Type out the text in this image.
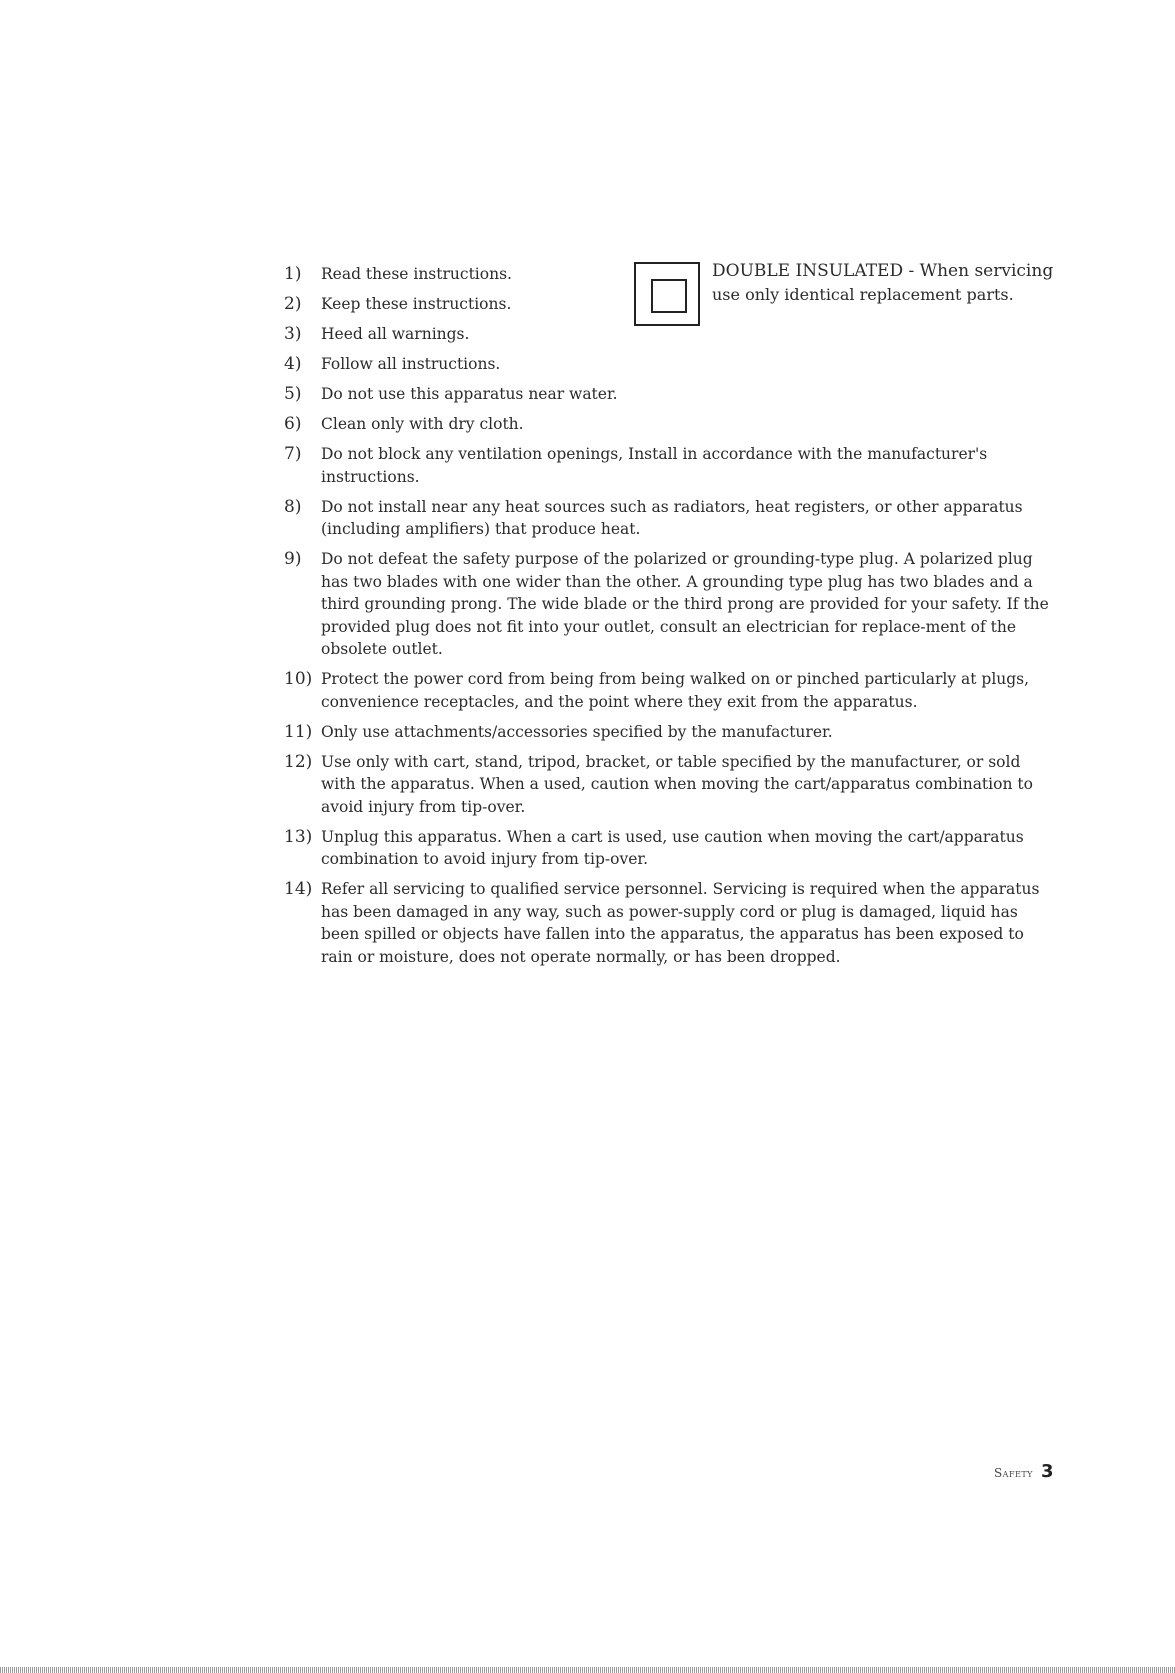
DOUBLE INSULATED - When servicing
use only identical replacement parts.
1)	Read these instructions.
2)	Keep these instructions.
3)	Heed all warnings.
4)	Follow all instructions.
5)	Do not use this apparatus near water.
6)	Clean only with dry cloth.
7)	Do not block any ventilation openings, Install in accordance with the manufacturer's instructions.
8)	Do not install near any heat sources such as radiators, heat registers, or other apparatus (including amplifiers) that produce heat.
9)	Do not defeat the safety purpose of the polarized or grounding-type plug. A polarized plug has two blades with one wider than the other. A grounding type plug has two blades and a third grounding prong. The wide blade or the third prong are provided for your safety. If the provided plug does not fit into your outlet, consult an electrician for replace-ment of the obsolete outlet.
10) Protect the power cord from being from being walked on or pinched particularly at plugs, convenience receptacles, and the point where they exit from the apparatus.
11) Only use attachments/accessories specified by the manufacturer.
12) Use only with cart, stand, tripod, bracket, or table specified by the manufacturer, or sold with the apparatus. When a used, caution when moving the cart/apparatus combination to avoid injury from tip-over.
13) Unplug this apparatus. When a cart is used, use caution when moving the cart/apparatus combination to avoid injury from tip-over.
14) Refer all servicing to qualified service personnel. Servicing is required when the apparatus has been damaged in any way, such as power-supply cord or plug is damaged, liquid has been spilled or objects have fallen into the apparatus, the apparatus has been exposed to rain or moisture, does not operate normally, or has been dropped.
Safety 3
